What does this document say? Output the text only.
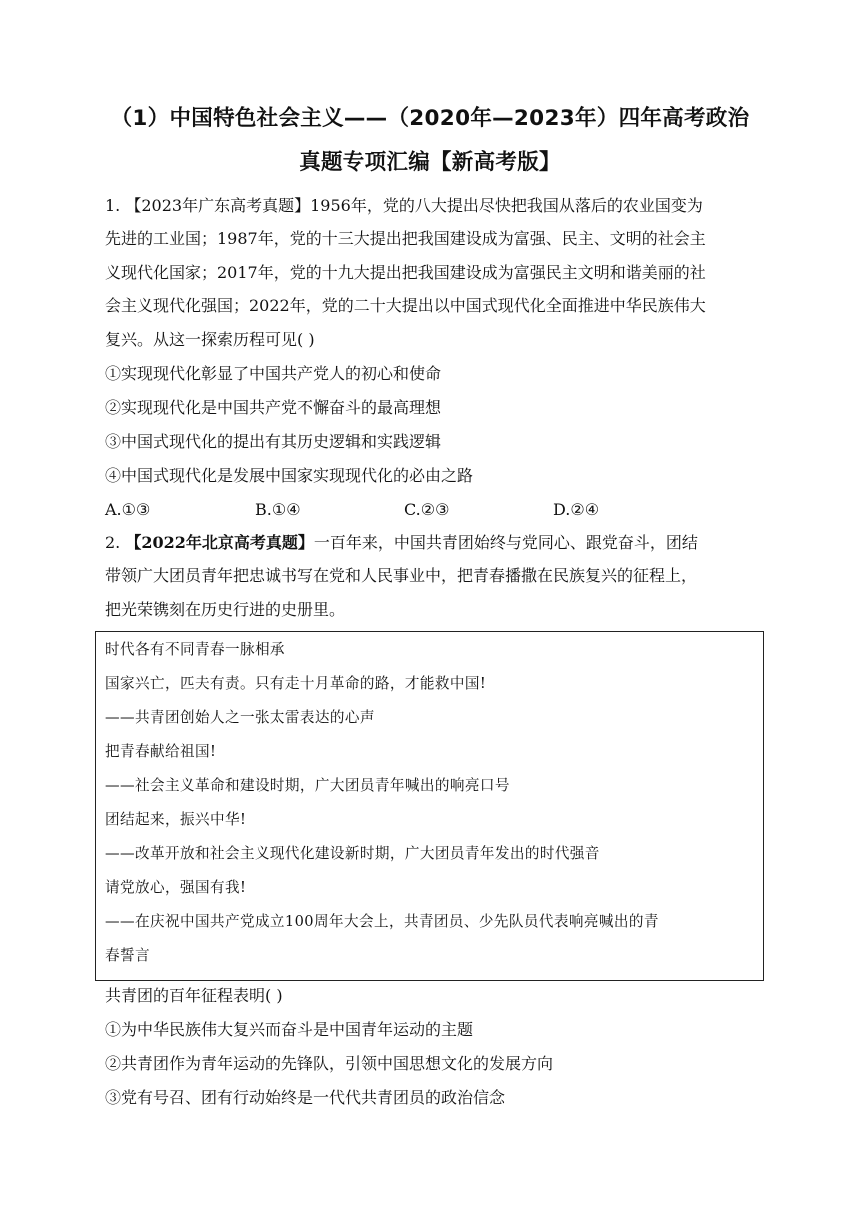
（1）中国特色社会主义——（2020年—2023年）四年高考政治
真题专项汇编【新高考版】
1. 【2023年广东高考真题】1956年，党的八大提出尽快把我国从落后的农业国变为
先进的工业国；1987年，党的十三大提出把我国建设成为富强、民主、文明的社会主
义现代化国家；2017年，党的十九大提出把我国建设成为富强民主文明和谐美丽的社
会主义现代化强国；2022年，党的二十大提出以中国式现代化全面推进中华民族伟大
复兴。从这一探索历程可见( )
①实现现代化彰显了中国共产党人的初心和使命
②实现现代化是中国共产党不懈奋斗的最高理想
③中国式现代化的提出有其历史逻辑和实践逻辑
④中国式现代化是发展中国家实现现代化的必由之路
A.①③	B.①④	C.②③	D.②④
2. 【2022年北京高考真题】一百年来，中国共青团始终与党同心、跟党奋斗，团结
带领广大团员青年把忠诚书写在党和人民事业中，把青春播撒在民族复兴的征程上，
把光荣镌刻在历史行进的史册里。
时代各有不同青春一脉相承
国家兴亡，匹夫有责。只有走十月革命的路，才能救中国!
——共青团创始人之一张太雷表达的心声
把青春献给祖国!
——社会主义革命和建设时期，广大团员青年喊出的响亮口号
团结起来，振兴中华!
——改革开放和社会主义现代化建设新时期，广大团员青年发出的时代强音
请党放心，强国有我!
——在庆祝中国共产党成立100周年大会上，共青团员、少先队员代表响亮喊出的青
春誓言
共青团的百年征程表明( )
①为中华民族伟大复兴而奋斗是中国青年运动的主题
②共青团作为青年运动的先锋队，引领中国思想文化的发展方向
③党有号召、团有行动始终是一代代共青团员的政治信念
